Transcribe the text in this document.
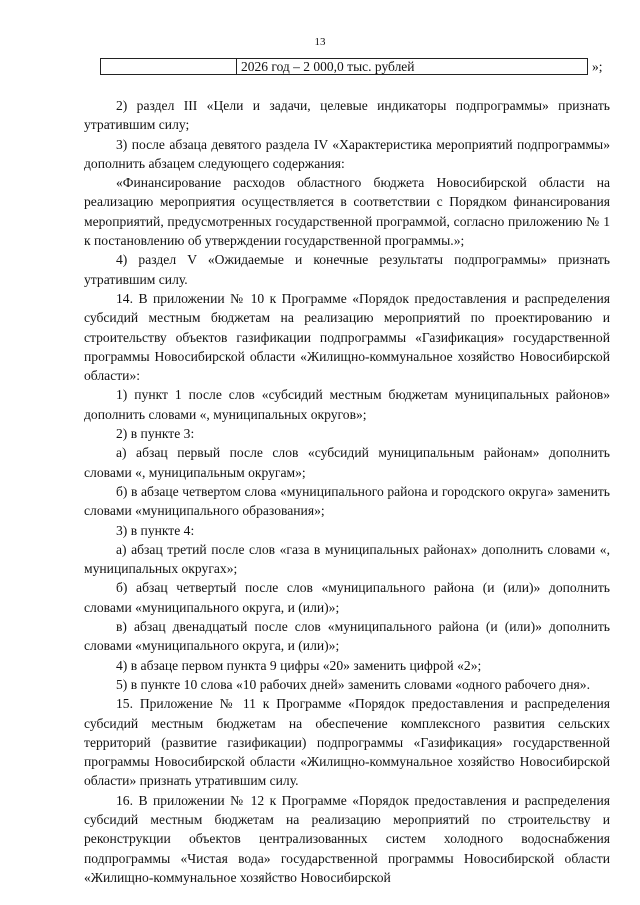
13
2026 год – 2 000,0 тыс. рублей	»;

2) раздел III «Цели и задачи, целевые индикаторы подпрограммы» признать утратившим силу;

3) после абзаца девятого раздела IV «Характеристика мероприятий подпрограммы» дополнить абзацем следующего содержания:

«Финансирование расходов областного бюджета Новосибирской области на реализацию мероприятия осуществляется в соответствии с Порядком финансирования мероприятий, предусмотренных государственной программой, согласно приложению № 1 к постановлению об утверждении государственной программы.»;

4) раздел V «Ожидаемые и конечные результаты подпрограммы» признать утратившим силу.

14. В приложении № 10 к Программе «Порядок предоставления и распределения субсидий местным бюджетам на реализацию мероприятий по проектированию и строительству объектов газификации подпрограммы «Газификация» государственной программы Новосибирской области «Жилищно-коммунальное хозяйство Новосибирской области»:

1) пункт 1 после слов «субсидий местным бюджетам муниципальных районов» дополнить словами «, муниципальных округов»;

2) в пункте 3:

а) абзац первый после слов «субсидий муниципальным районам» дополнить словами «, муниципальным округам»;

б) в абзаце четвертом слова «муниципального района и городского округа» заменить словами «муниципального образования»;

3) в пункте 4:

а) абзац третий после слов «газа в муниципальных районах» дополнить словами «, муниципальных округах»;

б) абзац четвертый после слов «муниципального района (и (или)» дополнить словами «муниципального округа, и (или)»;

в) абзац двенадцатый после слов «муниципального района (и (или)» дополнить словами «муниципального округа, и (или)»;

4) в абзаце первом пункта 9 цифры «20» заменить цифрой «2»;

5) в пункте 10 слова «10 рабочих дней» заменить словами «одного рабочего дня».

15. Приложение № 11 к Программе «Порядок предоставления и распределения субсидий местным бюджетам на обеспечение комплексного развития сельских территорий (развитие газификации) подпрограммы «Газификация» государственной программы Новосибирской области «Жилищно-коммунальное хозяйство Новосибирской области» признать утратившим силу.

16. В приложении № 12 к Программе «Порядок предоставления и распределения субсидий местным бюджетам на реализацию мероприятий по строительству и реконструкции объектов централизованных систем холодного водоснабжения подпрограммы «Чистая вода» государственной программы Новосибирской области «Жилищно-коммунальное хозяйство Новосибирской
